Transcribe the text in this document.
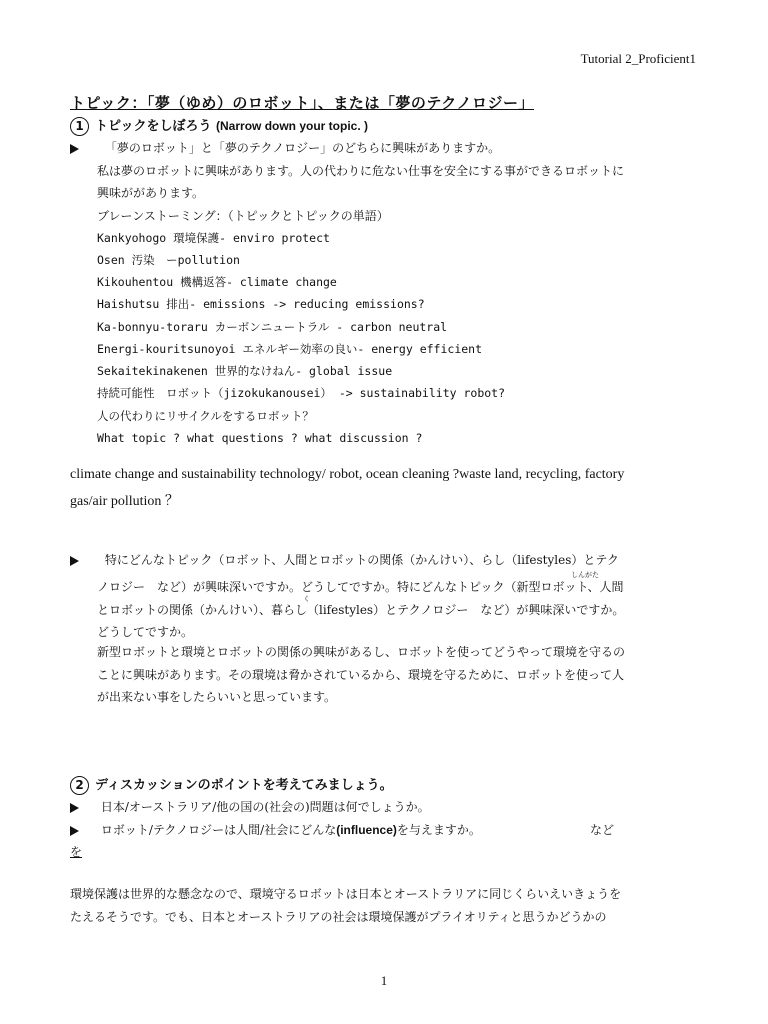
Tutorial 2_Proficient1
トピック：「夢（ゆめ）のロボット」、または「夢のテクノロジー」
1 トピックをしぼろう (Narrow down your topic. )
「夢のロボット」と「夢のテクノロジー」のどちらに興味がありますか。
私は夢のロボットに興味があります。人の代わりに危ない仕事を安全にする事ができるロボットに
興味ががあります。
ブレーンストーミング：（トピックとトピックの単語）
Kankyohogo 環境保護- enviro protect
Osen 汚染　ーpollution
Kikouhentou 機構返答- climate change
Haishutsu 排出- emissions -> reducing emissions?
Ka-bonnyu-toraru カーボンニュートラル - carbon neutral
Energi-kouritsunoyoi エネルギー効率の良い- energy efficient
Sekaitekinakenen 世界的なけねん- global issue
持続可能性　ロボット（jizokukanousei） -> sustainability robot?
人の代わりにリサイクルをするロボット？
What topic ? what questions ? what discussion ?
climate change and sustainability technology/ robot, ocean cleaning ?waste land, recycling, factory
gas/air pollution ？
特にどんなトピック（ロボット、人間とロボットの関係（かんけい）、らし（lifestyles）とテク
しんがた
ノロジー　など）が興味深いですか。どうしてですか。特にどんなトピック（新型ロボット、人間
く
とロボットの関係（かんけい）、暮らし（lifestyles）とテクノロジー　など）が興味深いですか。
どうしてですか。
新型ロボットと環境とロボットの関係の興味があるし、ロボットを使ってどうやって環境を守るの
ことに興味があります。その環境は脅かされているから、環境を守るために、ロボットを使って人
が出来ない事をしたらいいと思っています。
2 ディスカッションのポイントを考えてみましょう。
日本/オーストラリア/他の国の(社会の)問題は何でしょうか。
ロボット/テクノロジーは人間/社会にどんな(influence)を与えますか。	など
を
環境保護は世界的な懸念なので、環境守るロボットは日本とオーストラリアに同じくらいえいきょうを
たえるそうです。でも、日本とオーストラリアの社会は環境保護がプライオリティと思うかどうかの
1
